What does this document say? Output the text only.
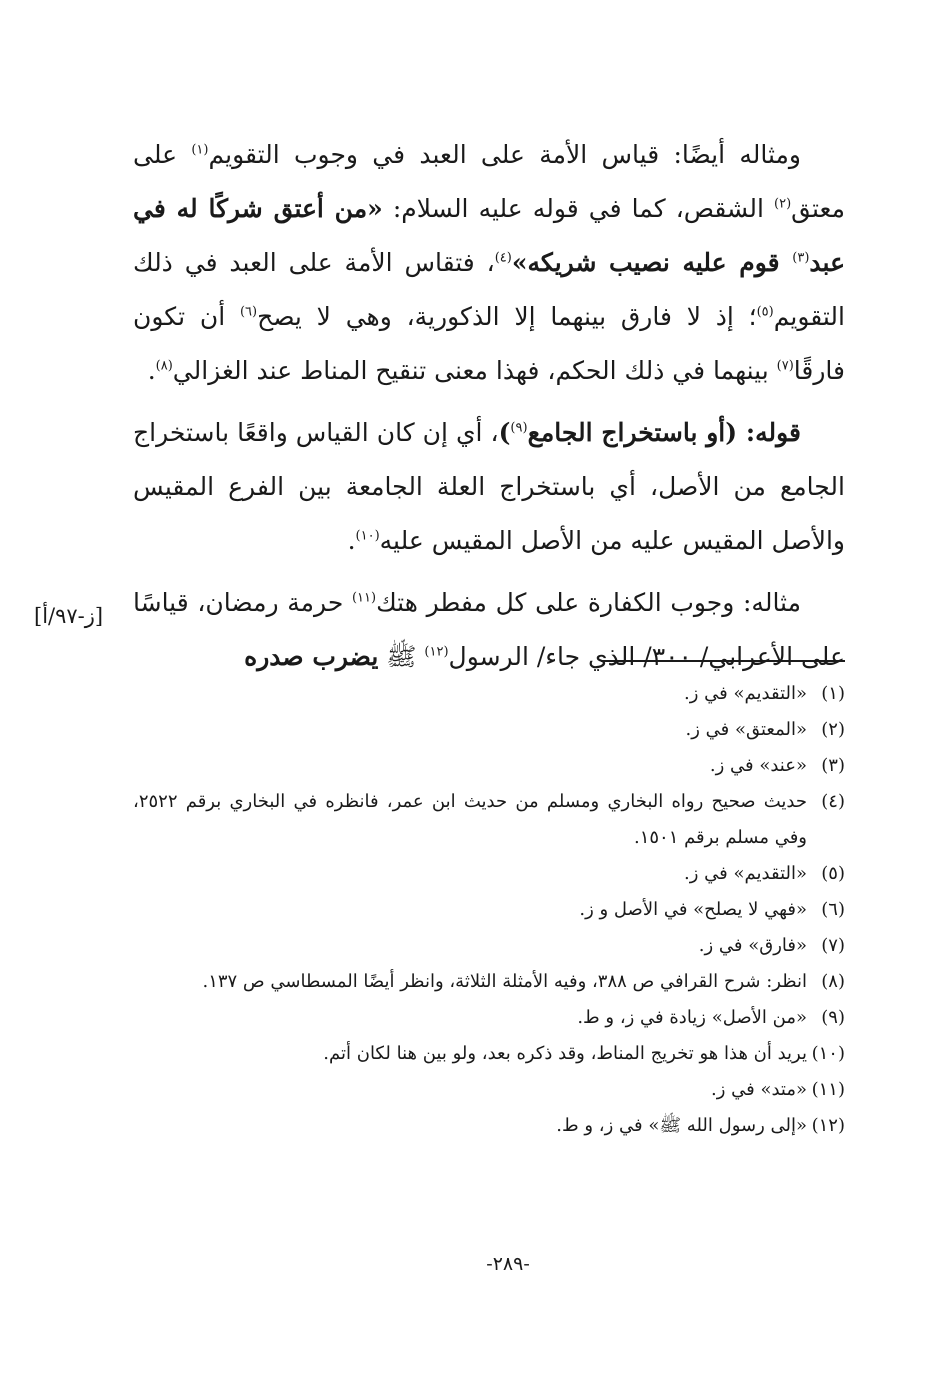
ومثاله أيضًا: قياس الأمة على العبد في وجوب التقويم$^{(١)}$ على معتق$^{(٢)}$ الشقص، كما في قوله عليه السلام: «من أعتق شركًا له في عبد$^{(٣)}$ قوم عليه نصيب شريكه»$^{(٤)}$، فتقاس الأمة على العبد في ذلك التقويم$^{(٥)}$؛ إذ لا فارق بينهما إلا الذكورية، وهي لا يصح$^{(٦)}$ أن تكون فارقًا$^{(٧)}$ بينهما في ذلك الحكم، فهذا معنى تنقيح المناط عند الغزالي$^{(٨)}$.

قوله: (أو باستخراج الجامع$^{(٩)}$)، أي إن كان القياس واقعًا باستخراج الجامع من الأصل، أي باستخراج العلة الجامعة بين الفرع المقيس والأصل المقيس عليه من الأصل المقيس عليه$^{(١٠)}$.

مثاله: وجوب الكفارة على كل مفطر هتك$^{(١١)}$ حرمة رمضان، قياسًا على الأعرابي/ ٣٠٠/ الذي جاء/ الرسول$^{(١٢)}$ ﷺ يضرب صدره

[ز-٩٧/أ]
(١)
«التقديم» في ز.
(٢)
«المعتق» في ز.
(٣)
«عند» في ز.
(٤)
حديث صحيح رواه البخاري ومسلم من حديث ابن عمر، فانظره في البخاري برقم ٢٥٢٢، وفي مسلم برقم ١٥٠١.
(٥)
«التقديم» في ز.
(٦)
«فهي لا يصلح» في الأصل و ز.
(٧)
«فارق» في ز.
(٨)
انظر: شرح القرافي ص ٣٨٨، وفيه الأمثلة الثلاثة، وانظر أيضًا المسطاسي ص ١٣٧.
(٩)
«من الأصل» زيادة في ز، و ط.
(١٠)
يريد أن هذا هو تخريج المناط، وقد ذكره بعد، ولو بين هنا لكان أتم.
(١١)
«متد» في ز.
(١٢)
«إلى رسول الله ﷺ» في ز، و ط.
-٢٨٩-
